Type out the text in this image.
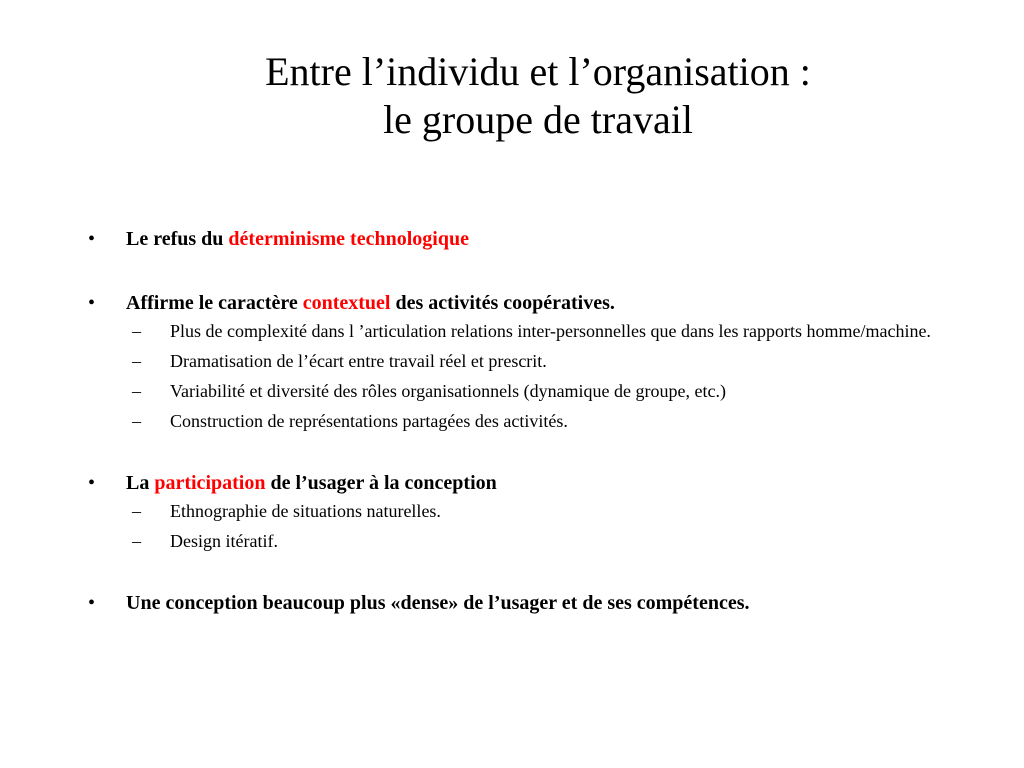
Entre l’individu et l’organisation :
le groupe de travail
• Le refus du déterminisme technologique
• Affirme le caractère contextuel des activités coopératives.
– Plus de complexité dans l ’articulation relations inter-personnelles que dans les rapports homme/machine.
– Dramatisation de l’écart entre travail réel et prescrit.
– Variabilité et diversité des rôles organisationnels (dynamique de groupe, etc.)
– Construction de représentations partagées des activités.
• La participation de l’usager à la conception
– Ethnographie de situations naturelles.
– Design itératif.
• Une conception beaucoup plus «dense» de l’usager et de ses compétences.
